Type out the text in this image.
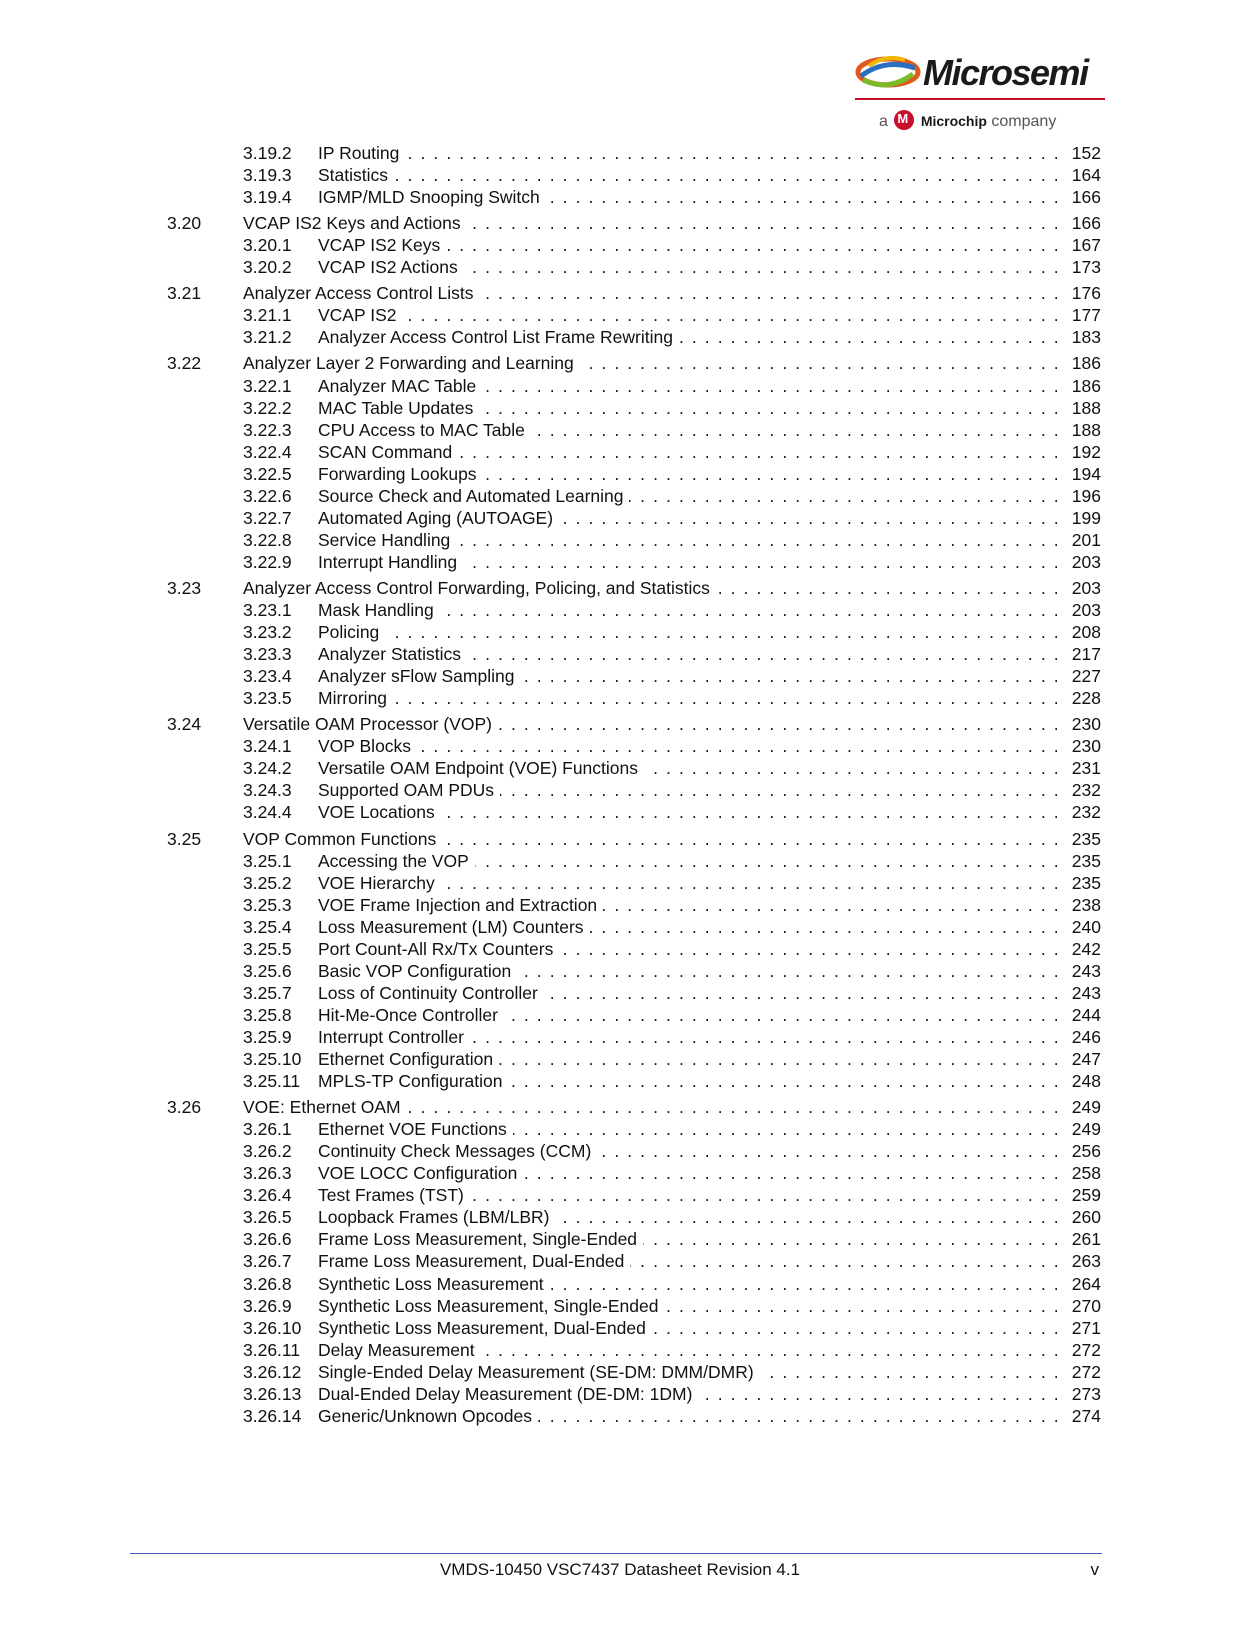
Microsemi
a M Microchip company
3.19.2 IP Routing . . .	152
3.19.3 Statistics . . .	164
3.19.4 IGMP/MLD Snooping Switch . . .	166
3.20 VCAP IS2 Keys and Actions . . .	166
3.20.1 VCAP IS2 Keys . . .	167
3.20.2 VCAP IS2 Actions . . .	173
3.21 Analyzer Access Control Lists . . .	176
3.21.1 VCAP IS2 . . .	177
3.21.2 Analyzer Access Control List Frame Rewriting . . .	183
3.22 Analyzer Layer 2 Forwarding and Learning . . .	186
3.22.1 Analyzer MAC Table . . .	186
3.22.2 MAC Table Updates . . .	188
3.22.3 CPU Access to MAC Table . . .	188
3.22.4 SCAN Command . . .	192
3.22.5 Forwarding Lookups . . .	194
3.22.6 Source Check and Automated Learning . . .	196
3.22.7 Automated Aging (AUTOAGE) . . .	199
3.22.8 Service Handling . . .	201
3.22.9 Interrupt Handling . . .	203
3.23 Analyzer Access Control Forwarding, Policing, and Statistics . . .	203
3.23.1 Mask Handling . . .	203
3.23.2 Policing . . .	208
3.23.3 Analyzer Statistics . . .	217
3.23.4 Analyzer sFlow Sampling . . .	227
3.23.5 Mirroring . . .	228
3.24 Versatile OAM Processor (VOP) . . .	230
3.24.1 VOP Blocks . . .	230
3.24.2 Versatile OAM Endpoint (VOE) Functions . . .	231
3.24.3 Supported OAM PDUs . . .	232
3.24.4 VOE Locations . . .	232
3.25 VOP Common Functions . . .	235
3.25.1 Accessing the VOP . . .	235
3.25.2 VOE Hierarchy . . .	235
3.25.3 VOE Frame Injection and Extraction . . .	238
3.25.4 Loss Measurement (LM) Counters . . .	240
3.25.5 Port Count-All Rx/Tx Counters . . .	242
3.25.6 Basic VOP Configuration . . .	243
3.25.7 Loss of Continuity Controller . . .	243
3.25.8 Hit-Me-Once Controller . . .	244
3.25.9 Interrupt Controller . . .	246
3.25.10 Ethernet Configuration . . .	247
3.25.11 MPLS-TP Configuration . . .	248
3.26 VOE: Ethernet OAM . . .	249
3.26.1 Ethernet VOE Functions . . .	249
3.26.2 Continuity Check Messages (CCM) . . .	256
3.26.3 VOE LOCC Configuration . . .	258
3.26.4 Test Frames (TST) . . .	259
3.26.5 Loopback Frames (LBM/LBR) . . .	260
3.26.6 Frame Loss Measurement, Single-Ended . . .	261
3.26.7 Frame Loss Measurement, Dual-Ended . . .	263
3.26.8 Synthetic Loss Measurement . . .	264
3.26.9 Synthetic Loss Measurement, Single-Ended . . .	270
3.26.10 Synthetic Loss Measurement, Dual-Ended . . .	271
3.26.11 Delay Measurement . . .	272
3.26.12 Single-Ended Delay Measurement (SE-DM: DMM/DMR) . . .	272
3.26.13 Dual-Ended Delay Measurement (DE-DM: 1DM) . . .	273
3.26.14 Generic/Unknown Opcodes . . .	274
VMDS-10450 VSC7437 Datasheet Revision 4.1	v
